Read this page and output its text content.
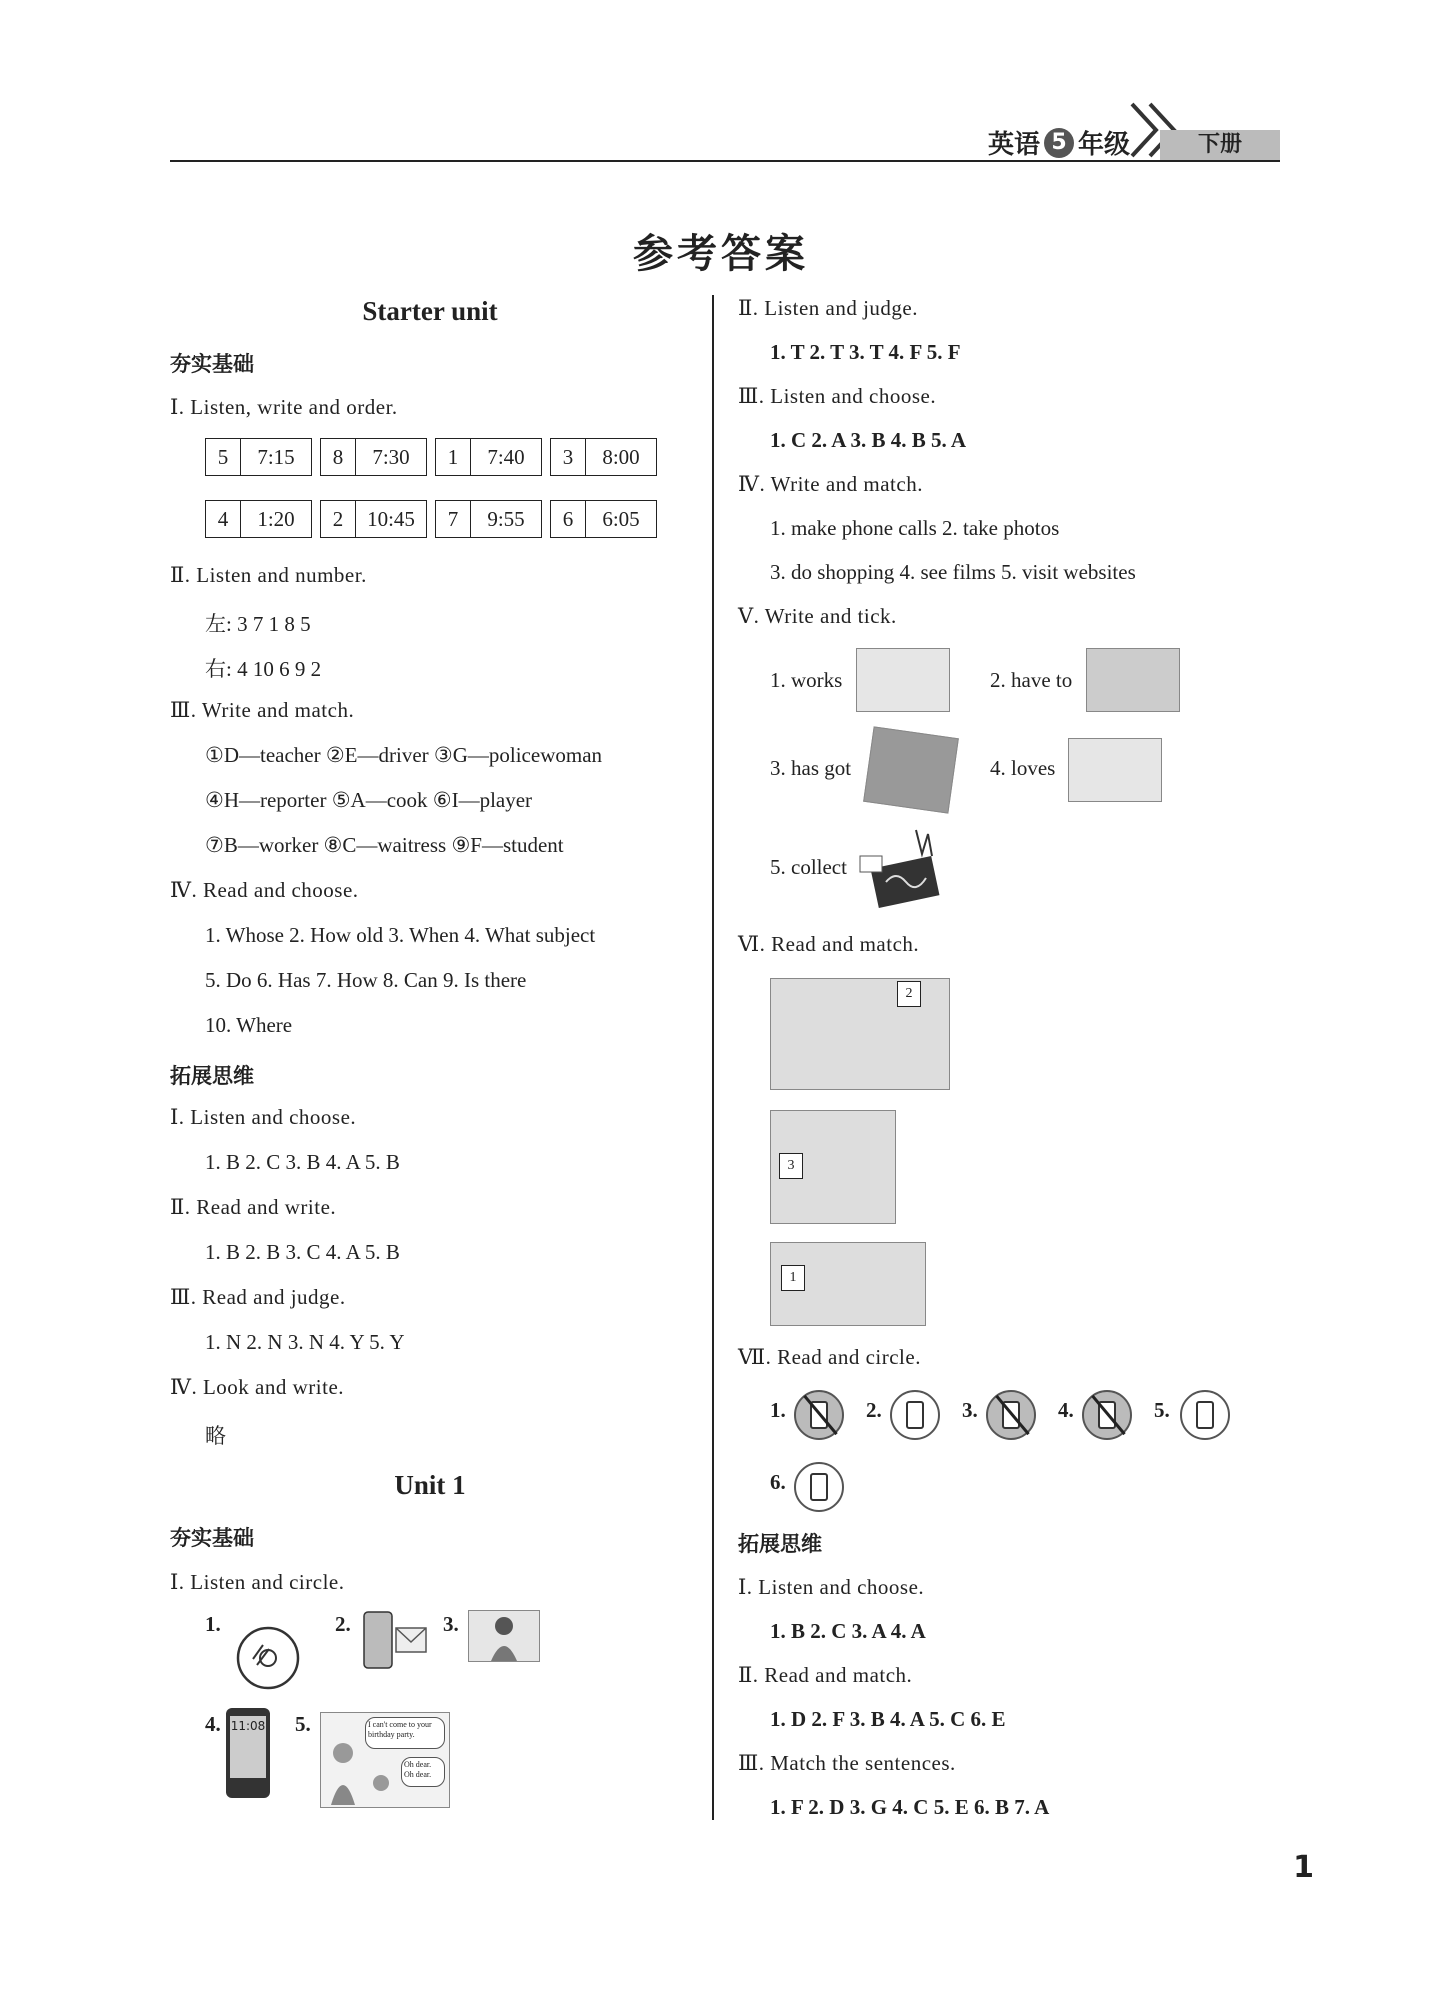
英语 5 年级	下册
参考答案
Starter unit
夯实基础
Ⅰ. Listen, write and order.
5	7:15	8	7:30	1	7:40	3	8:00
4	1:20	2	10:45	7	9:55	6	6:05
Ⅱ. Listen and number.
左: 3 7 1 8 5
右: 4 10 6 9 2
Ⅲ. Write and match.
①D—teacher ②E—driver ③G—policewoman
④H—reporter ⑤A—cook ⑥I—player
⑦B—worker ⑧C—waitress ⑨F—student
Ⅳ. Read and choose.
1. Whose 2. How old 3. When 4. What subject
5. Do 6. Has 7. How 8. Can 9. Is there
10. Where
拓展思维
Ⅰ. Listen and choose.
1. B 2. C 3. B 4. A 5. B
Ⅱ. Read and write.
1. B 2. B 3. C 4. A 5. B
Ⅲ. Read and judge.
1. N 2. N 3. N 4. Y 5. Y
Ⅳ. Look and write.
略
Unit 1
夯实基础
Ⅰ. Listen and circle.
1.	2.	3.
4. 11:08 5.	I can't come to your birthday party.
Oh dear. Oh dear.
Ⅱ. Listen and judge.
1. T 2. T 3. T 4. F 5. F
Ⅲ. Listen and choose.
1. C 2. A 3. B 4. B 5. A
Ⅳ. Write and match.
1. make phone calls 2. take photos
3. do shopping 4. see films 5. visit websites
Ⅴ. Write and tick.
1. works	2. have to
3. has got	4. loves
5. collect
Ⅵ. Read and match.
2
3
1
Ⅶ. Read and circle.
1.	2.	3.	4.	5.
6.
拓展思维
Ⅰ. Listen and choose.
1. B 2. C 3. A 4. A
Ⅱ. Read and match.
1. D 2. F 3. B 4. A 5. C 6. E
Ⅲ. Match the sentences.
1. F 2. D 3. G 4. C 5. E 6. B 7. A
1
